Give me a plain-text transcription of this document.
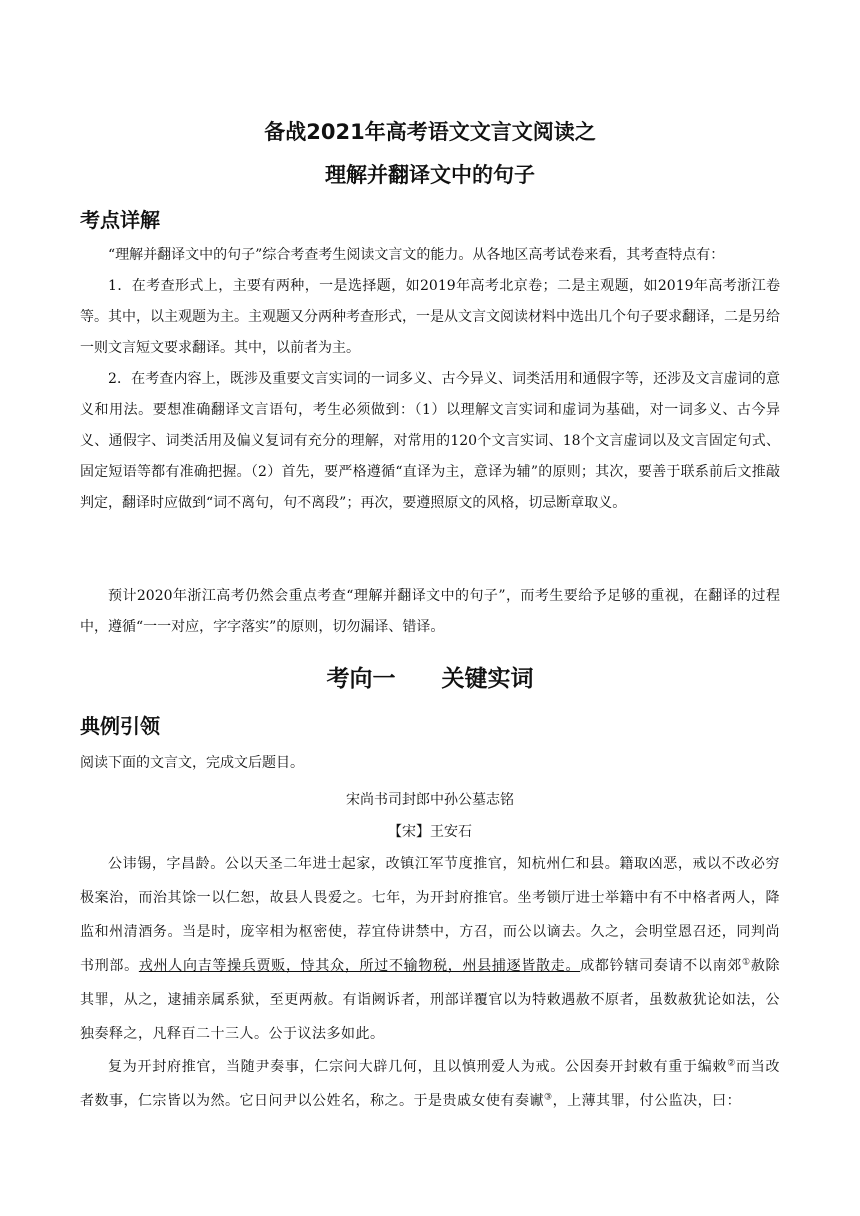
备战2021年高考语文文言文阅读之
理解并翻译文中的句子
考点详解

“理解并翻译文中的句子”综合考查考生阅读文言文的能力。从各地区高考试卷来看，其考查特点有：

1．在考查形式上，主要有两种，一是选择题，如2019年高考北京卷；二是主观题，如2019年高考浙江卷等。其中，以主观题为主。主观题又分两种考查形式，一是从文言文阅读材料中选出几个句子要求翻译，二是另给一则文言短文要求翻译。其中，以前者为主。

2．在考查内容上，既涉及重要文言实词的一词多义、古今异义、词类活用和通假字等，还涉及文言虚词的意义和用法。要想准确翻译文言语句，考生必须做到：（1）以理解文言实词和虚词为基础，对一词多义、古今异义、通假字、词类活用及偏义复词有充分的理解，对常用的120个文言实词、18个文言虚词以及文言固定句式、固定短语等都有准确把握。（2）首先，要严格遵循“直译为主，意译为辅”的原则；其次，要善于联系前后文推敲判定，翻译时应做到“词不离句，句不离段”；再次，要遵照原文的风格，切忌断章取义。

预计2020年浙江高考仍然会重点考查“理解并翻译文中的句子”，而考生要给予足够的重视，在翻译的过程中，遵循“一一对应，字字落实”的原则，切勿漏译、错译。

考向一 关键实词
典例引领
阅读下面的文言文，完成文后题目。
宋尚书司封郎中孙公墓志铭
【宋】王安石

公讳锡，字昌龄。公以天圣二年进士起家，改镇江军节度推官，知杭州仁和县。籍取凶恶，戒以不改必穷极案治，而治其馀一以仁恕，故县人畏爱之。七年，为开封府推官。坐考锁厅进士举籍中有不中格者两人，降监和州清酒务。当是时，庞宰相为枢密使，荐宜侍讲禁中，方召，而公以谪去。久之，会明堂恩召还，同判尚书刑部。戎州人向吉等操兵贾贩，恃其众，所过不输物税，州县捕逐皆散走。成都钤辖司奏请不以南郊①赦除其罪，从之，逮捕亲属系狱，至更两赦。有诣阙诉者，刑部详覆官以为特敕遇赦不原者，虽数赦犹论如法，公独奏释之，凡释百二十三人。公于议法多如此。

复为开封府推官，当随尹奏事，仁宗问大辟几何，且以慎刑爱人为戒。公因奏开封敕有重于编敕②而当改者数事，仁宗皆以为然。它日问尹以公姓名，称之。于是贵戚女使有奏谳③，上薄其罪，付公监决，曰：
